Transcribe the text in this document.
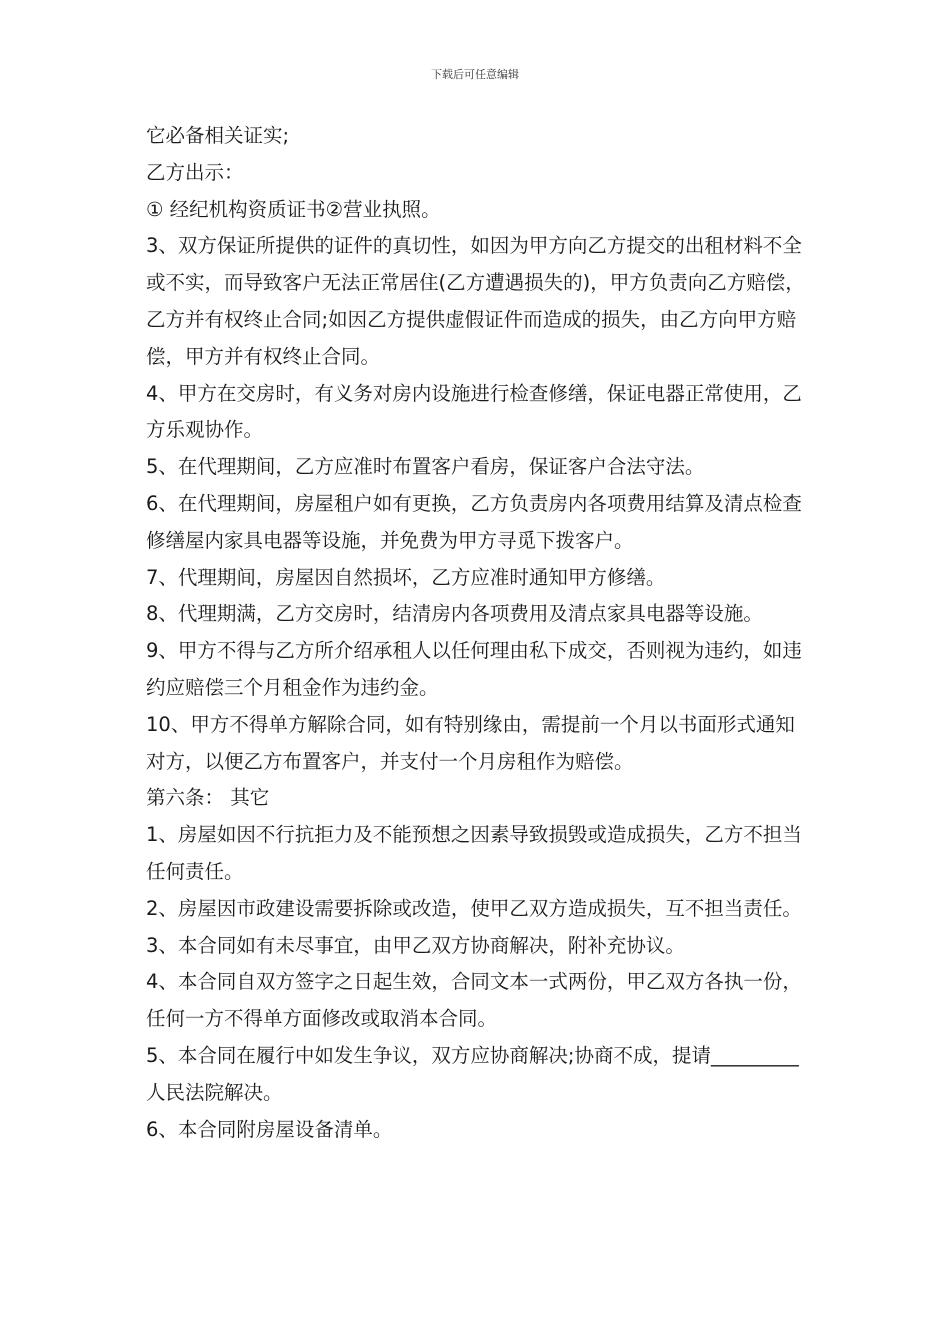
下载后可任意编辑

它必备相关证实;

乙方出示：

① 经纪机构资质证书②营业执照。

3、双方保证所提供的证件的真切性，如因为甲方向乙方提交的出租材料不全或不实，而导致客户无法正常居住(乙方遭遇损失的)，甲方负责向乙方赔偿，乙方并有权终止合同;如因乙方提供虚假证件而造成的损失，由乙方向甲方赔偿，甲方并有权终止合同。

4、甲方在交房时，有义务对房内设施进行检查修缮，保证电器正常使用，乙方乐观协作。

5、在代理期间，乙方应准时布置客户看房，保证客户合法守法。

6、在代理期间，房屋租户如有更换，乙方负责房内各项费用结算及清点检查修缮屋内家具电器等设施，并免费为甲方寻觅下拨客户。

7、代理期间，房屋因自然损坏，乙方应准时通知甲方修缮。

8、代理期满，乙方交房时，结清房内各项费用及清点家具电器等设施。

9、甲方不得与乙方所介绍承租人以任何理由私下成交，否则视为违约，如违约应赔偿三个月租金作为违约金。

10、甲方不得单方解除合同，如有特别缘由，需提前一个月以书面形式通知对方，以便乙方布置客户，并支付一个月房租作为赔偿。

第六条： 其它

1、房屋如因不行抗拒力及不能预想之因素导致损毁或造成损失，乙方不担当任何责任。

2、房屋因市政建设需要拆除或改造，使甲乙双方造成损失，互不担当责任。

3、本合同如有未尽事宜，由甲乙双方协商解决，附补充协议。

4、本合同自双方签字之日起生效，合同文本一式两份，甲乙双方各执一份，任何一方不得单方面修改或取消本合同。

5、本合同在履行中如发生争议，双方应协商解决;协商不成，提请_________人民法院解决。

6、本合同附房屋设备清单。
